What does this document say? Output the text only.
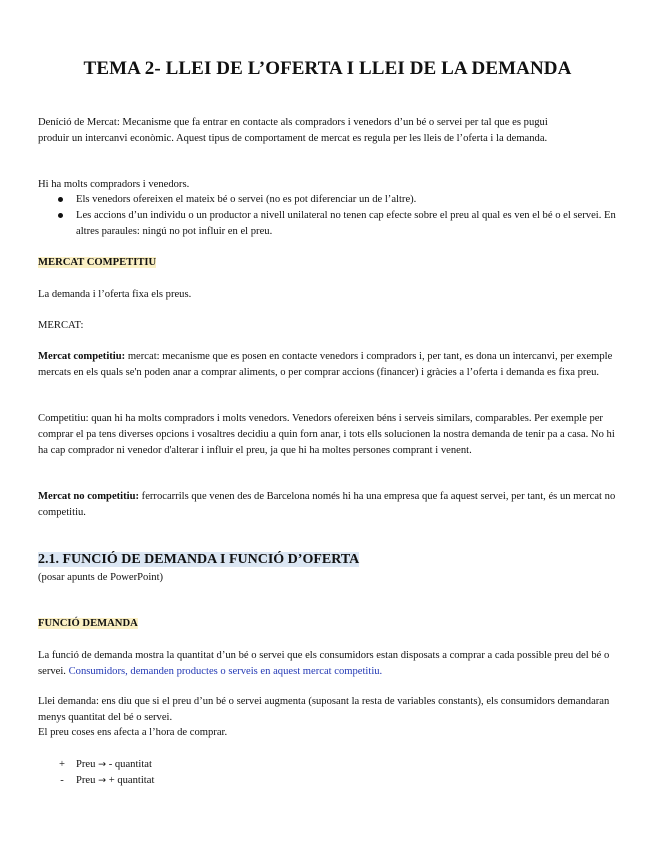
TEMA 2- LLEI DE L’OFERTA I LLEI DE LA DEMANDA

Deníció de Mercat: Mecanisme que fa entrar en contacte als compradors i venedors d’un bé o servei per tal que es pugui produir un intercanvi econòmic. Aquest tipus de comportament de mercat es regula per les lleis de l’oferta i la demanda.

Hi ha molts compradors i venedors.

Els venedors ofereixen el mateix bé o servei (no es pot diferenciar un de l’altre).
Les accions d’un individu o un productor a nivell unilateral no tenen cap efecte sobre el preu al qual es ven el bé o el servei. En altres paraules: ningú no pot influir en el preu.
MERCAT COMPETITIU

La demanda i l’oferta fixa els preus.

MERCAT:

Mercat competitiu: mercat: mecanisme que es posen en contacte venedors i compradors i, per tant, es dona un intercanvi, per exemple mercats en els quals se'n poden anar a comprar aliments, o per comprar accions (financer) i gràcies a l’oferta i demanda es fixa preu.

Competitiu: quan hi ha molts compradors i molts venedors. Venedors ofereixen béns i serveis similars, comparables. Per exemple per comprar el pa tens diverses opcions i vosaltres decidiu a quin forn anar, i tots ells solucionen la nostra demanda de tenir pa a casa. No hi ha cap comprador ni venedor d'alterar i influir el preu, ja que hi ha moltes persones comprant i venent.

Mercat no competitiu: ferrocarrils que venen des de Barcelona només hi ha una empresa que fa aquest servei, per tant, és un mercat no competitiu.

2.1. FUNCIÓ DE DEMANDA I FUNCIÓ D’OFERTA

(posar apunts de PowerPoint)

FUNCIÓ DEMANDA

La funció de demanda mostra la quantitat d’un bé o servei que els consumidors estan disposats a comprar a cada possible preu del bé o servei. Consumidors, demanden productes o serveis en aquest mercat competitiu.

Llei demanda: ens diu que si el preu d’un bé o servei augmenta (suposant la resta de variables constants), els consumidors demandaran menys quantitat del bé o servei.

El preu coses ens afecta a l’hora de comprar.

+ Preu → - quantitat
-	Preu → + quantitat
